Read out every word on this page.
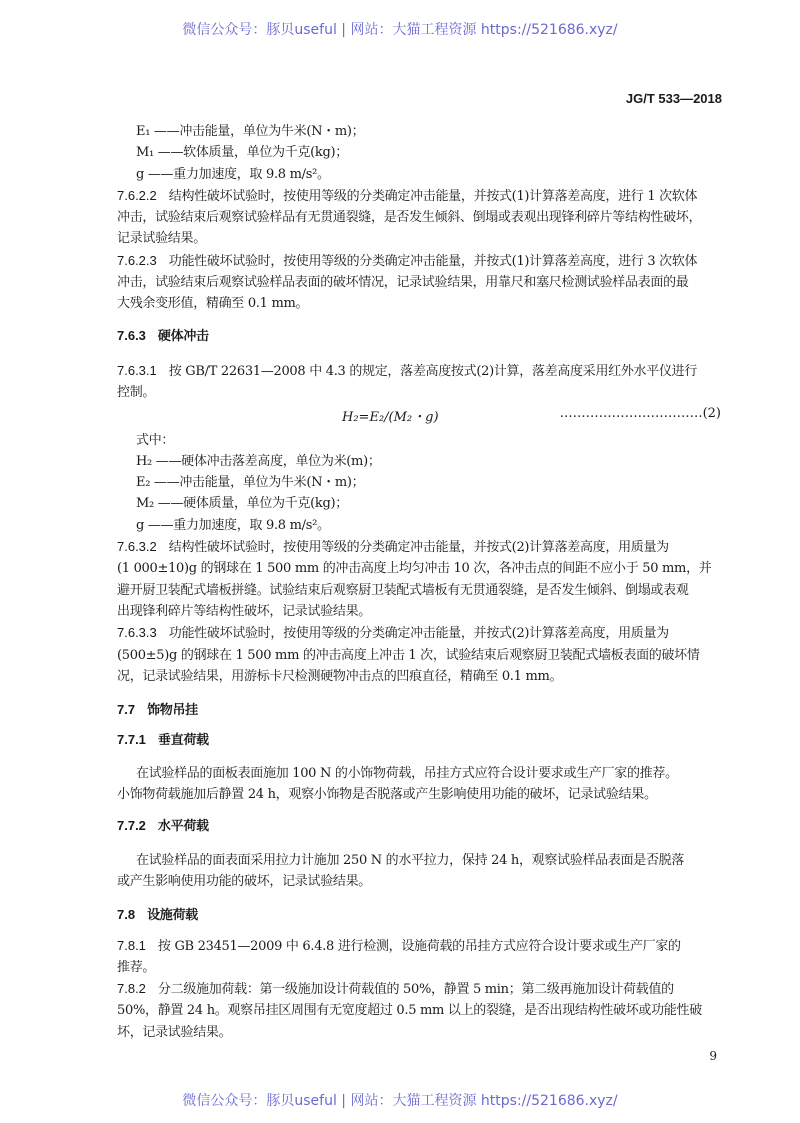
微信公众号：豚贝useful | 网站：大猫工程资源 https://521686.xyz/
JG/T 533—2018
E₁ ——冲击能量，单位为牛米(N・m)；
M₁ ——软体质量，单位为千克(kg)；
g ——重力加速度，取 9.8 m/s²。
7.6.2.2 结构性破坏试验时，按使用等级的分类确定冲击能量，并按式(1)计算落差高度，进行 1 次软体
冲击，试验结束后观察试验样品有无贯通裂缝，是否发生倾斜、倒塌或表观出现锋利碎片等结构性破坏，
记录试验结果。
7.6.2.3 功能性破坏试验时，按使用等级的分类确定冲击能量，并按式(1)计算落差高度，进行 3 次软体
冲击，试验结束后观察试验样品表面的破坏情况，记录试验结果，用靠尺和塞尺检测试验样品表面的最
大残余变形值，精确至 0.1 mm。
7.6.3 硬体冲击
7.6.3.1 按 GB/T 22631—2008 中 4.3 的规定，落差高度按式(2)计算，落差高度采用红外水平仪进行
控制。
H₂=E₂/(M₂・g)	……………………………(2)
式中：
H₂ ——硬体冲击落差高度，单位为米(m)；
E₂ ——冲击能量，单位为牛米(N・m)；
M₂ ——硬体质量，单位为千克(kg)；
g ——重力加速度，取 9.8 m/s²。
7.6.3.2 结构性破坏试验时，按使用等级的分类确定冲击能量，并按式(2)计算落差高度，用质量为
(1 000±10)g 的钢球在 1 500 mm 的冲击高度上均匀冲击 10 次，各冲击点的间距不应小于 50 mm，并
避开厨卫装配式墙板拼缝。试验结束后观察厨卫装配式墙板有无贯通裂缝，是否发生倾斜、倒塌或表观
出现锋利碎片等结构性破坏，记录试验结果。
7.6.3.3 功能性破坏试验时，按使用等级的分类确定冲击能量，并按式(2)计算落差高度，用质量为
(500±5)g 的钢球在 1 500 mm 的冲击高度上冲击 1 次，试验结束后观察厨卫装配式墙板表面的破坏情
况，记录试验结果，用游标卡尺检测硬物冲击点的凹痕直径，精确至 0.1 mm。
7.7 饰物吊挂
7.7.1 垂直荷载
在试验样品的面板表面施加 100 N 的小饰物荷载，吊挂方式应符合设计要求或生产厂家的推荐。
小饰物荷载施加后静置 24 h，观察小饰物是否脱落或产生影响使用功能的破坏，记录试验结果。
7.7.2 水平荷载
在试验样品的面表面采用拉力计施加 250 N 的水平拉力，保持 24 h，观察试验样品表面是否脱落
或产生影响使用功能的破坏，记录试验结果。
7.8 设施荷载
7.8.1 按 GB 23451—2009 中 6.4.8 进行检测，设施荷载的吊挂方式应符合设计要求或生产厂家的
推荐。
7.8.2 分二级施加荷载：第一级施加设计荷载值的 50%，静置 5 min；第二级再施加设计荷载值的
50%，静置 24 h。观察吊挂区周围有无宽度超过 0.5 mm 以上的裂缝，是否出现结构性破坏或功能性破
坏，记录试验结果。
9
微信公众号：豚贝useful | 网站：大猫工程资源 https://521686.xyz/
